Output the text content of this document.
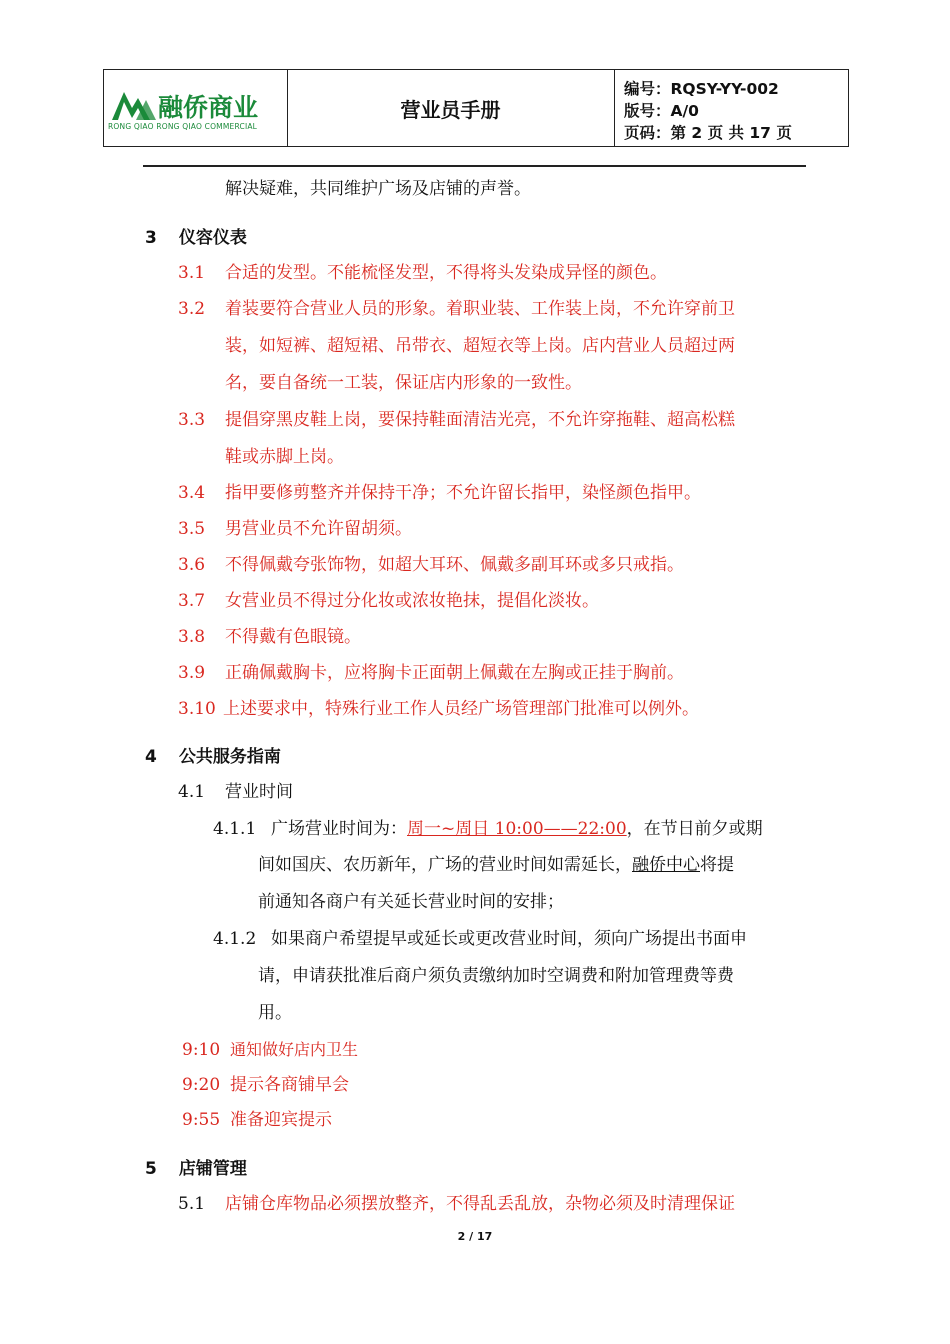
融侨商业
RONG QIAO RONG QIAO COMMERCIAL
营业员手册
编号：RQSY-YY-002
版号：A/0
页码：第 2 页 共 17 页
解决疑难，共同维护广场及店铺的声誉。
3 仪容仪表
3.1 合适的发型。不能梳怪发型，不得将头发染成异怪的颜色。
3.2 着装要符合营业人员的形象。着职业装、工作装上岗，不允许穿前卫
装，如短裤、超短裙、吊带衣、超短衣等上岗。店内营业人员超过两
名，要自备统一工装，保证店内形象的一致性。
3.3 提倡穿黑皮鞋上岗，要保持鞋面清洁光亮，不允许穿拖鞋、超高松糕
鞋或赤脚上岗。
3.4 指甲要修剪整齐并保持干净；不允许留长指甲，染怪颜色指甲。
3.5 男营业员不允许留胡须。
3.6 不得佩戴夸张饰物，如超大耳环、佩戴多副耳环或多只戒指。
3.7 女营业员不得过分化妆或浓妆艳抹，提倡化淡妆。
3.8 不得戴有色眼镜。
3.9 正确佩戴胸卡，应将胸卡正面朝上佩戴在左胸或正挂于胸前。
3.10 上述要求中，特殊行业工作人员经广场管理部门批准可以例外。
4 公共服务指南
4.1 营业时间
4.1.1 广场营业时间为：周一~周日 10:00——22:00，在节日前夕或期
间如国庆、农历新年，广场的营业时间如需延长，融侨中心将提
前通知各商户有关延长营业时间的安排；
4.1.2 如果商户希望提早或延长或更改营业时间，须向广场提出书面申
请，申请获批准后商户须负责缴纳加时空调费和附加管理费等费
用。
9:10 通知做好店内卫生
9:20 提示各商铺早会
9:55 准备迎宾提示
5 店铺管理
5.1 店铺仓库物品必须摆放整齐，不得乱丢乱放，杂物必须及时清理保证
2 / 17
